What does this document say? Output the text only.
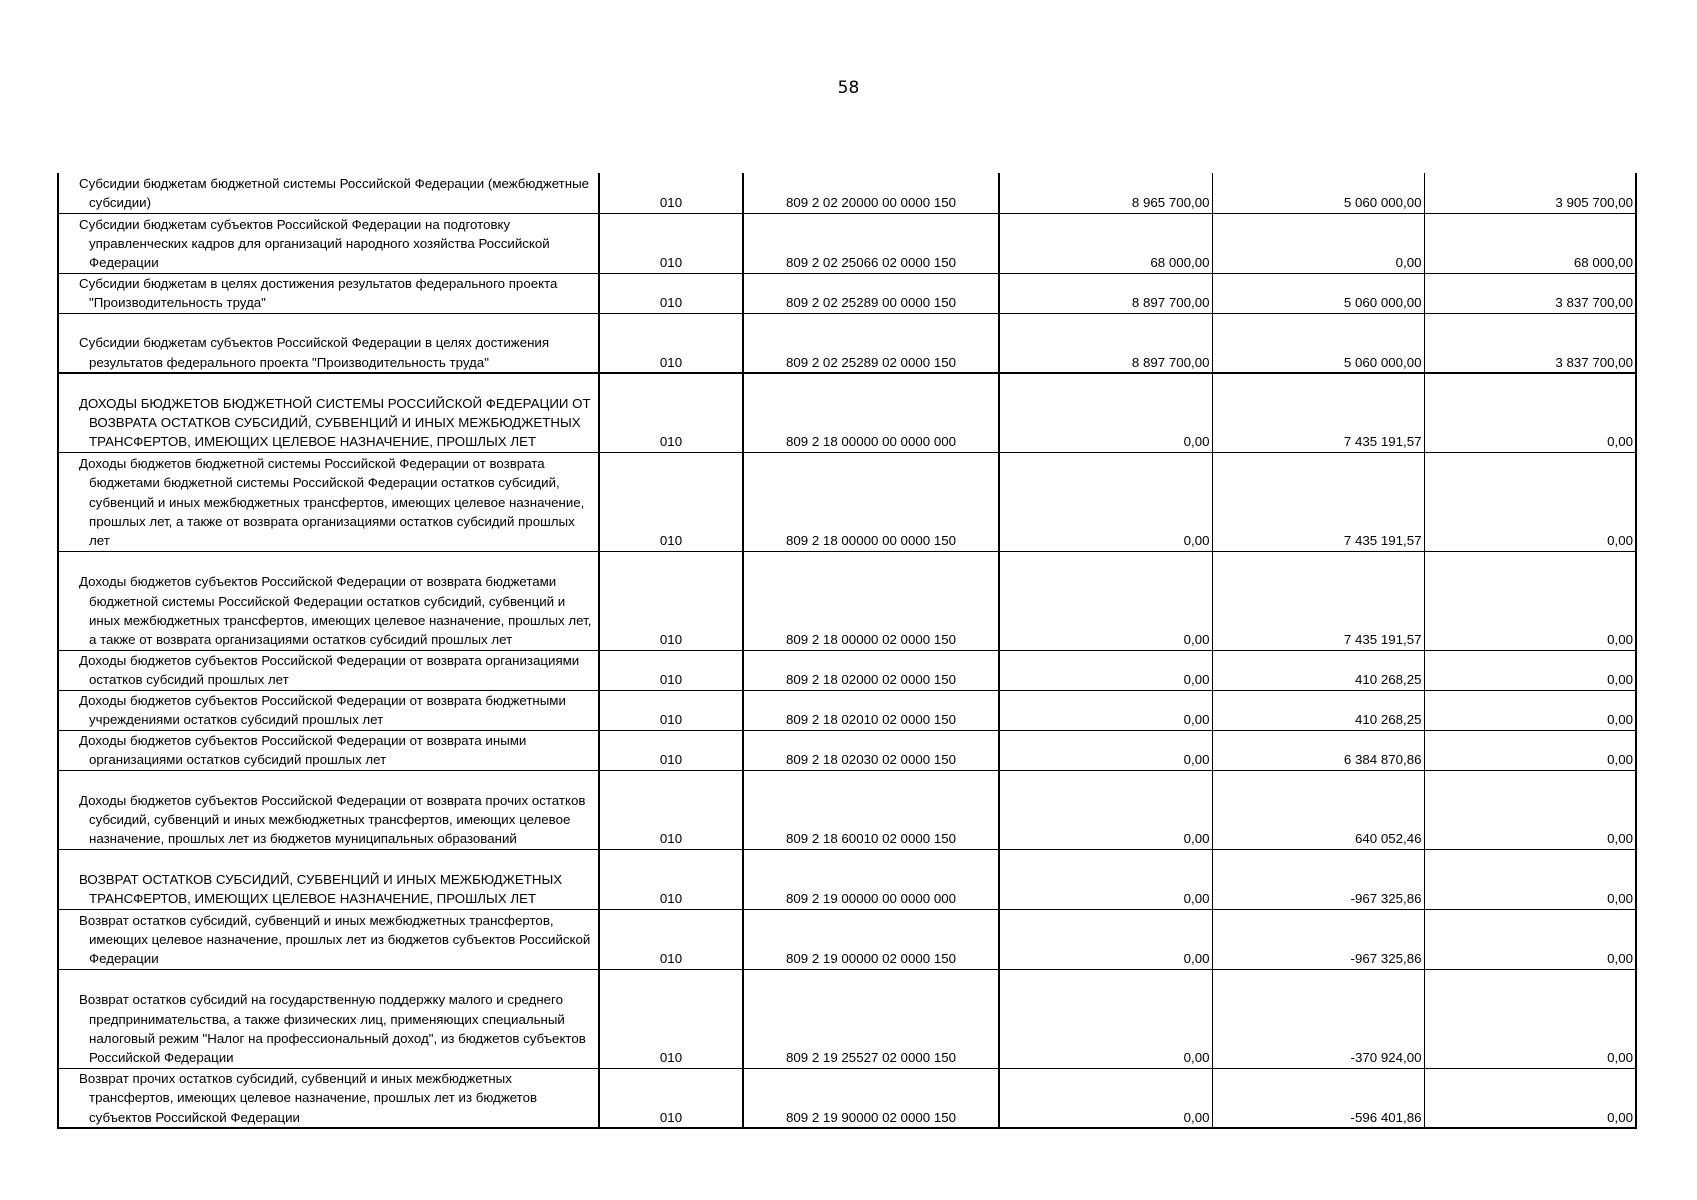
58
Субсидии бюджетам бюджетной системы Российской Федерации (межбюджетные субсидии)	010	809 2 02 20000 00 0000 150	8 965 700,00	5 060 000,00	3 905 700,00
Субсидии бюджетам субъектов Российской Федерации на подготовку управленческих кадров для организаций народного хозяйства Российской Федерации	010	809 2 02 25066 02 0000 150	68 000,00	0,00	68 000,00
Субсидии бюджетам в целях достижения результатов федерального проекта "Производительность труда"	010	809 2 02 25289 00 0000 150	8 897 700,00	5 060 000,00	3 837 700,00
Субсидии бюджетам субъектов Российской Федерации в целях достижения результатов федерального проекта "Производительность труда"	010	809 2 02 25289 02 0000 150	8 897 700,00	5 060 000,00	3 837 700,00
ДОХОДЫ БЮДЖЕТОВ БЮДЖЕТНОЙ СИСТЕМЫ РОССИЙСКОЙ ФЕДЕРАЦИИ ОТ ВОЗВРАТА ОСТАТКОВ СУБСИДИЙ, СУБВЕНЦИЙ И ИНЫХ МЕЖБЮДЖЕТНЫХ ТРАНСФЕРТОВ, ИМЕЮЩИХ ЦЕЛЕВОЕ НАЗНАЧЕНИЕ, ПРОШЛЫХ ЛЕТ	010	809 2 18 00000 00 0000 000	0,00	7 435 191,57	0,00
Доходы бюджетов бюджетной системы Российской Федерации от возврата бюджетами бюджетной системы Российской Федерации остатков субсидий, субвенций и иных межбюджетных трансфертов, имеющих целевое назначение, прошлых лет, а также от возврата организациями остатков субсидий прошлых лет	010	809 2 18 00000 00 0000 150	0,00	7 435 191,57	0,00
Доходы бюджетов субъектов Российской Федерации от возврата бюджетами бюджетной системы Российской Федерации остатков субсидий, субвенций и иных межбюджетных трансфертов, имеющих целевое назначение, прошлых лет, а также от возврата организациями остатков субсидий прошлых лет	010	809 2 18 00000 02 0000 150	0,00	7 435 191,57	0,00
Доходы бюджетов субъектов Российской Федерации от возврата организациями остатков субсидий прошлых лет	010	809 2 18 02000 02 0000 150	0,00	410 268,25	0,00
Доходы бюджетов субъектов Российской Федерации от возврата бюджетными учреждениями остатков субсидий прошлых лет	010	809 2 18 02010 02 0000 150	0,00	410 268,25	0,00
Доходы бюджетов субъектов Российской Федерации от возврата иными организациями остатков субсидий прошлых лет	010	809 2 18 02030 02 0000 150	0,00	6 384 870,86	0,00
Доходы бюджетов субъектов Российской Федерации от возврата прочих остатков субсидий, субвенций и иных межбюджетных трансфертов, имеющих целевое назначение, прошлых лет из бюджетов муниципальных образований	010	809 2 18 60010 02 0000 150	0,00	640 052,46	0,00
ВОЗВРАТ ОСТАТКОВ СУБСИДИЙ, СУБВЕНЦИЙ И ИНЫХ МЕЖБЮДЖЕТНЫХ ТРАНСФЕРТОВ, ИМЕЮЩИХ ЦЕЛЕВОЕ НАЗНАЧЕНИЕ, ПРОШЛЫХ ЛЕТ	010	809 2 19 00000 00 0000 000	0,00	-967 325,86	0,00
Возврат остатков субсидий, субвенций и иных межбюджетных трансфертов, имеющих целевое назначение, прошлых лет из бюджетов субъектов Российской Федерации	010	809 2 19 00000 02 0000 150	0,00	-967 325,86	0,00
Возврат остатков субсидий на государственную поддержку малого и среднего предпринимательства, а также физических лиц, применяющих специальный налоговый режим "Налог на профессиональный доход", из бюджетов субъектов Российской Федерации	010	809 2 19 25527 02 0000 150	0,00	-370 924,00	0,00
Возврат прочих остатков субсидий, субвенций и иных межбюджетных трансфертов, имеющих целевое назначение, прошлых лет из бюджетов субъектов Российской Федерации	010	809 2 19 90000 02 0000 150	0,00	-596 401,86	0,00
